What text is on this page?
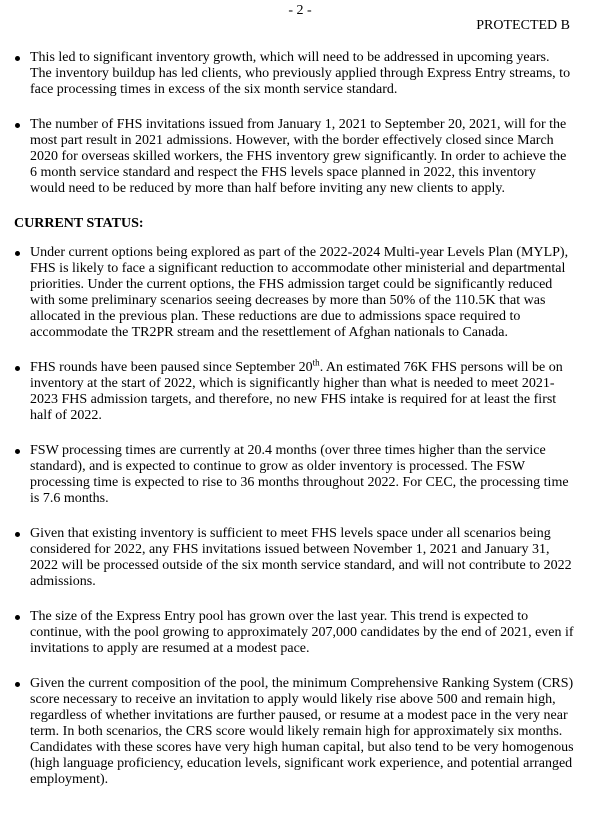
- 2 -
PROTECTED B
This led to significant inventory growth, which will need to be addressed in upcoming years. The inventory buildup has led clients, who previously applied through Express Entry streams, to face processing times in excess of the six month service standard.
The number of FHS invitations issued from January 1, 2021 to September 20, 2021, will for the most part result in 2021 admissions. However, with the border effectively closed since March 2020 for overseas skilled workers, the FHS inventory grew significantly. In order to achieve the 6 month service standard and respect the FHS levels space planned in 2022, this inventory would need to be reduced by more than half before inviting any new clients to apply.
CURRENT STATUS:
Under current options being explored as part of the 2022-2024 Multi-year Levels Plan (MYLP), FHS is likely to face a significant reduction to accommodate other ministerial and departmental priorities. Under the current options, the FHS admission target could be significantly reduced with some preliminary scenarios seeing decreases by more than 50% of the 110.5K that was allocated in the previous plan. These reductions are due to admissions space required to accommodate the TR2PR stream and the resettlement of Afghan nationals to Canada.
FHS rounds have been paused since September 20th. An estimated 76K FHS persons will be on inventory at the start of 2022, which is significantly higher than what is needed to meet 2021-2023 FHS admission targets, and therefore, no new FHS intake is required for at least the first half of 2022.
FSW processing times are currently at 20.4 months (over three times higher than the service standard), and is expected to continue to grow as older inventory is processed. The FSW processing time is expected to rise to 36 months throughout 2022. For CEC, the processing time is 7.6 months.
Given that existing inventory is sufficient to meet FHS levels space under all scenarios being considered for 2022, any FHS invitations issued between November 1, 2021 and January 31, 2022 will be processed outside of the six month service standard, and will not contribute to 2022 admissions.
The size of the Express Entry pool has grown over the last year. This trend is expected to continue, with the pool growing to approximately 207,000 candidates by the end of 2021, even if invitations to apply are resumed at a modest pace.
Given the current composition of the pool, the minimum Comprehensive Ranking System (CRS) score necessary to receive an invitation to apply would likely rise above 500 and remain high, regardless of whether invitations are further paused, or resume at a modest pace in the very near term. In both scenarios, the CRS score would likely remain high for approximately six months. Candidates with these scores have very high human capital, but also tend to be very homogenous (high language proficiency, education levels, significant work experience, and potential arranged employment).
